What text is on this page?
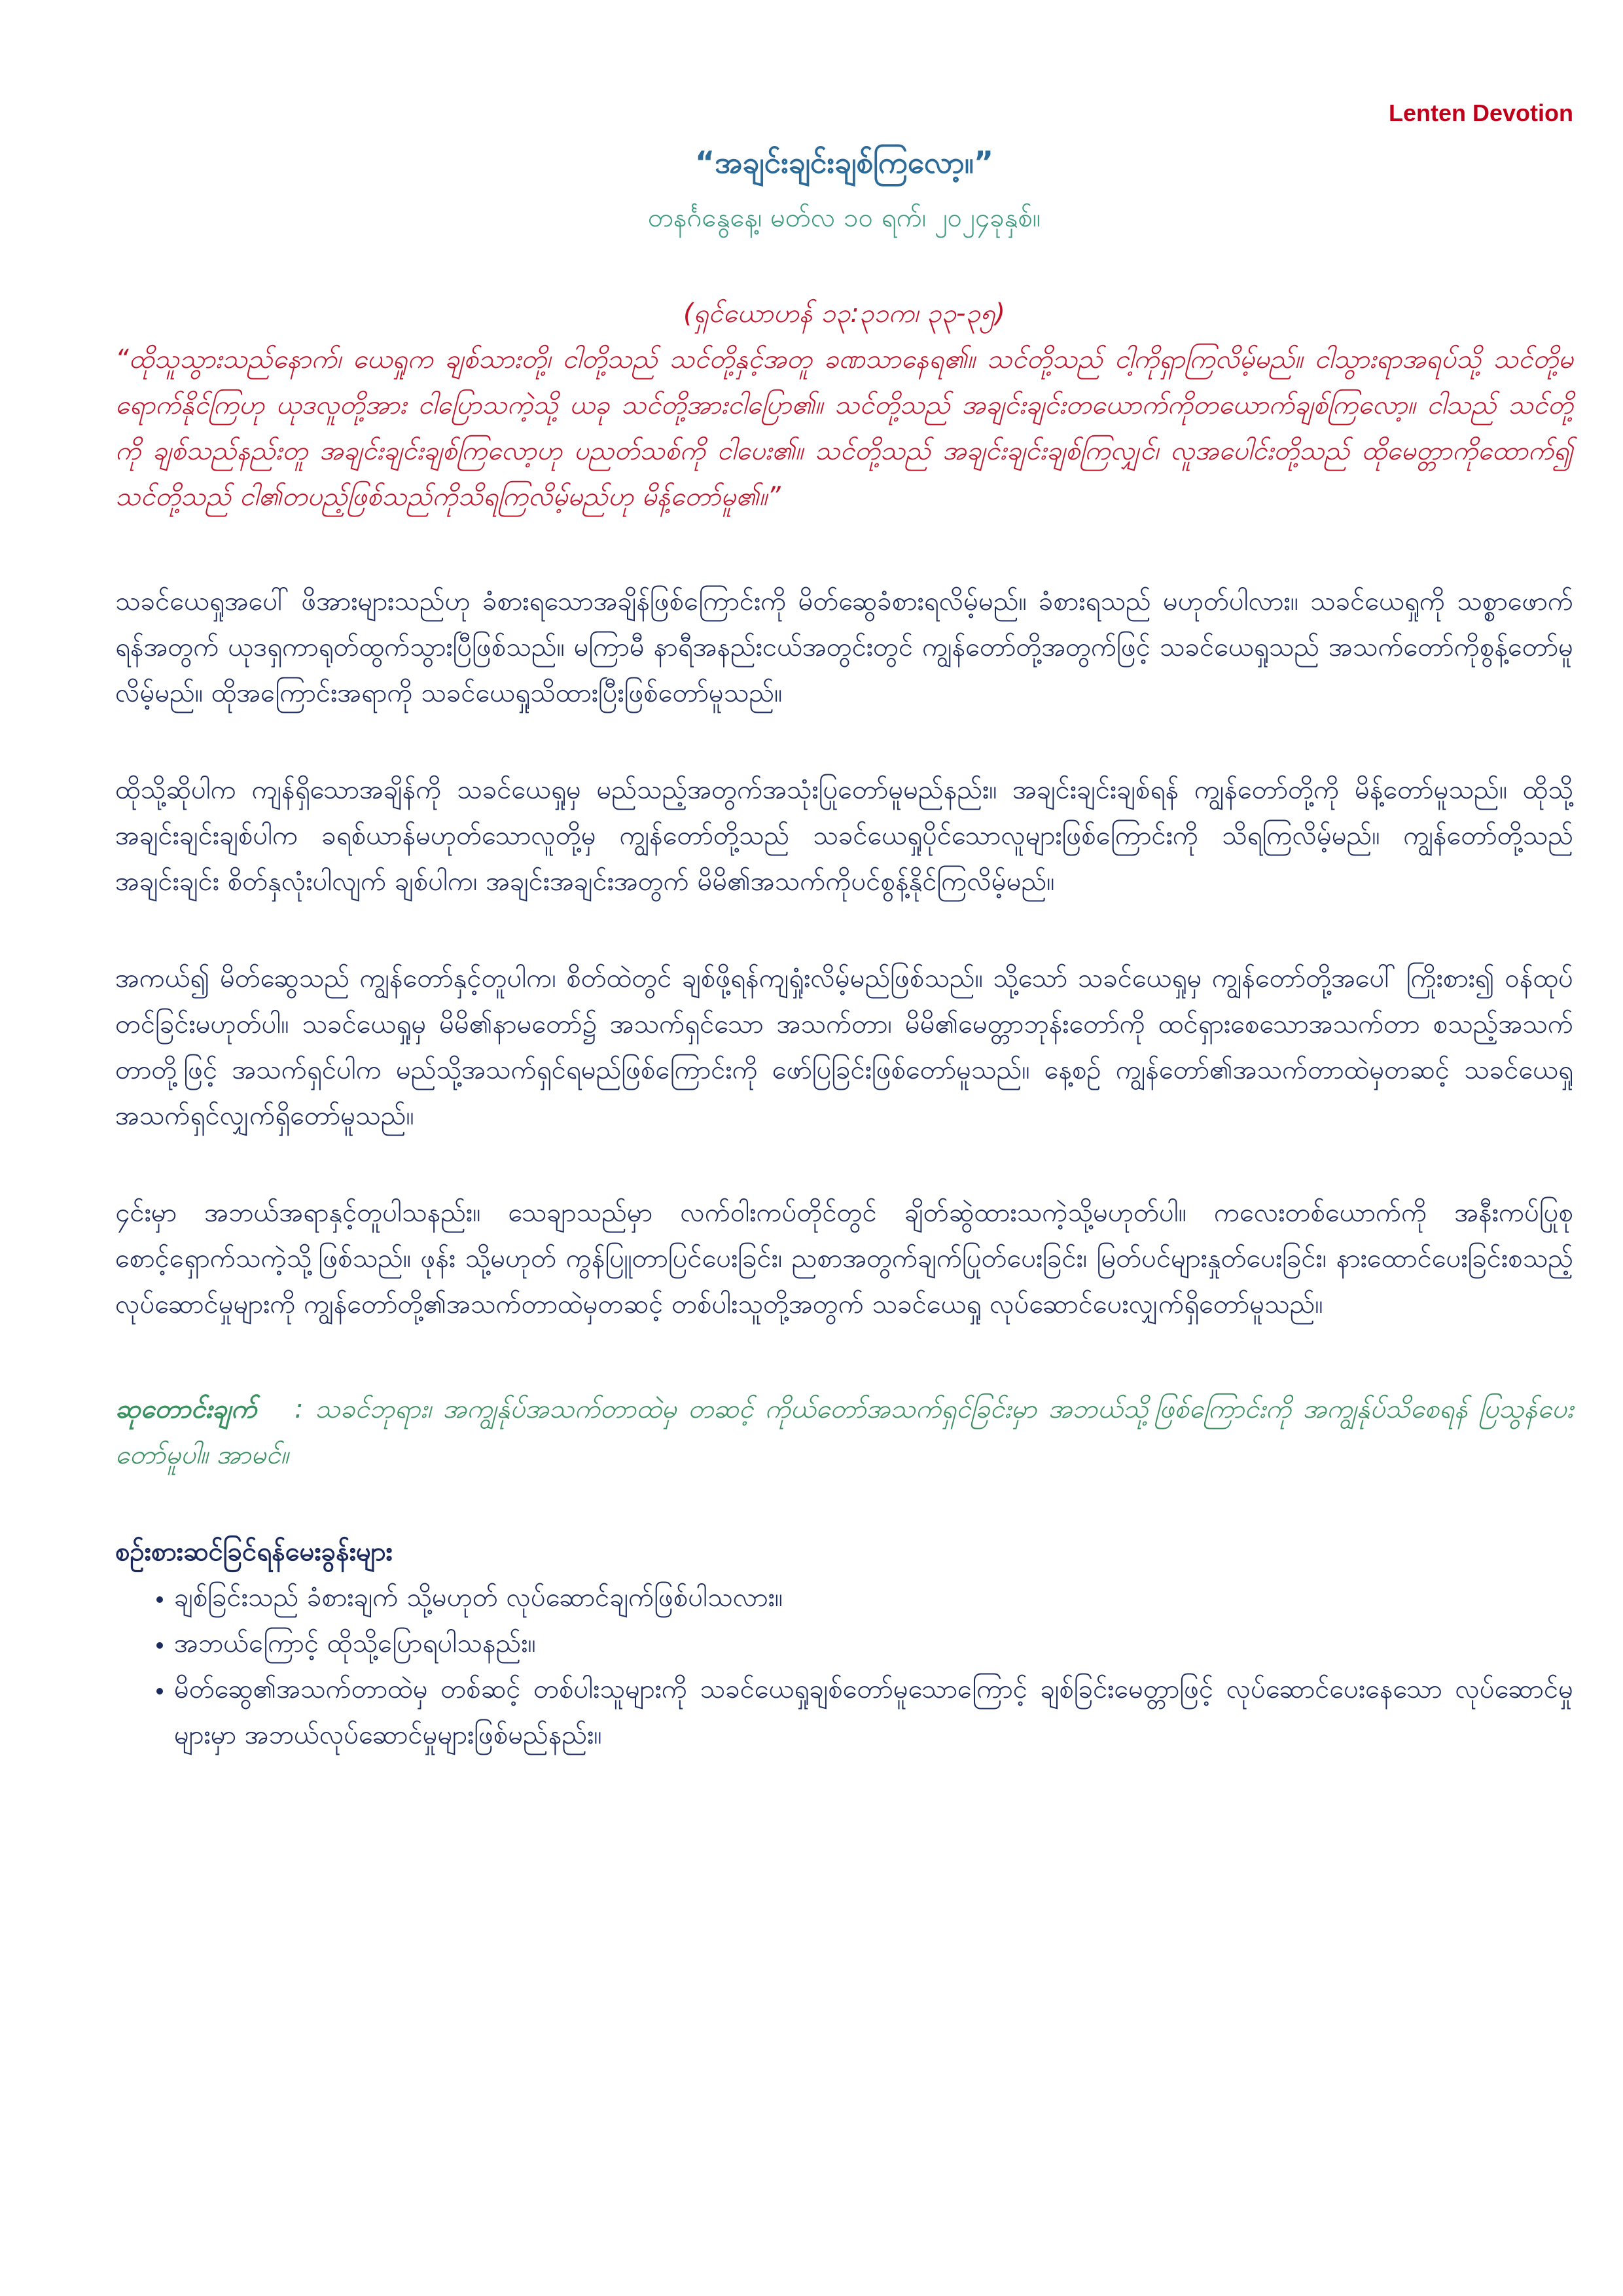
Lenten Devotion
“အချင်းချင်းချစ်ကြလော့။”
တနင်္ဂနွေနေ့၊ မတ်လ ၁၀ ရက်၊ ၂၀၂၄ခုနှစ်။
(ရှင်ယောဟန် ၁၃:၃၁က၊ ၃၃-၃၅)

“ထိုသူသွားသည်နောက်၊ ယေရှုက ချစ်သားတို့၊ ငါတို့သည် သင်တို့နှင့်အတူ ခဏသာနေရ၏။ သင်တို့သည် ငါ့ကိုရှာကြလိမ့်မည်။ ငါသွားရာအရပ်သို့ သင်တို့မရောက်နိုင်ကြဟု ယုဒလူတို့အား ငါပြောသကဲ့သို့ ယခု သင်တို့အားငါပြော၏။ သင်တို့သည် အချင်းချင်းတယောက်ကိုတယောက်ချစ်ကြလော့။ ငါသည် သင်တို့ကို ချစ်သည်နည်းတူ အချင်းချင်းချစ်ကြလော့ဟု ပညတ်သစ်ကို ငါပေး၏။ သင်တို့သည် အချင်းချင်းချစ်ကြလျှင်၊ လူအပေါင်းတို့သည် ထိုမေတ္တာကိုထောက်၍ သင်တို့သည် ငါ၏တပည့်ဖြစ်သည်ကိုသိရကြလိမ့်မည်ဟု မိန့်တော်မူ၏။”

သခင်ယေရှုအပေါ် ဖိအားများသည်ဟု ခံစားရသောအချိန်ဖြစ်ကြောင်းကို မိတ်ဆွေခံစားရလိမ့်မည်။ ခံစားရသည် မဟုတ်ပါလား။ သခင်ယေရှုကို သစ္စာဖောက်ရန်အတွက် ယုဒရှကာရုတ်ထွက်သွားပြီဖြစ်သည်။ မကြာမီ နာရီအနည်းငယ်အတွင်းတွင် ကျွန်တော်တို့အတွက်ဖြင့် သခင်ယေရှုသည် အသက်တော်ကိုစွန့်တော်မူလိမ့်မည်။ ထိုအကြောင်းအရာကို သခင်ယေရှုသိထားပြီးဖြစ်တော်မူသည်။

ထိုသို့ဆိုပါက ကျန်ရှိသောအချိန်ကို သခင်ယေရှုမှ မည်သည့်အတွက်အသုံးပြုတော်မူမည်နည်း။ အချင်းချင်းချစ်ရန် ကျွန်တော်တို့ကို မိန့်တော်မူသည်။ ထိုသို့အချင်းချင်းချစ်ပါက ခရစ်ယာန်မဟုတ်သောလူတို့မှ ကျွန်တော်တို့သည် သခင်ယေရှုပိုင်သောလူများဖြစ်ကြောင်းကို သိရကြလိမ့်မည်။ ကျွန်တော်တို့သည် အချင်းချင်း စိတ်နှလုံးပါလျက် ချစ်ပါက၊ အချင်းအချင်းအတွက် မိမိ၏အသက်ကိုပင်စွန့်နိုင်ကြလိမ့်မည်။

အကယ်၍ မိတ်ဆွေသည် ကျွန်တော်နှင့်တူပါက၊ စိတ်ထဲတွင် ချစ်ဖို့ရန်ကျရှုံးလိမ့်မည်ဖြစ်သည်။ သို့သော် သခင်ယေရှုမှ ကျွန်တော်တို့အပေါ် ကြိုးစား၍ ဝန်ထုပ်တင်ခြင်းမဟုတ်ပါ။ သခင်ယေရှုမှ မိမိ၏နာမတော်၌ အသက်ရှင်သော အသက်တာ၊ မိမိ၏မေတ္တာဘုန်းတော်ကို ထင်ရှားစေသောအသက်တာ စသည့်အသက်တာတို့ဖြင့် အသက်ရှင်ပါက မည်သို့အသက်ရှင်ရမည်ဖြစ်ကြောင်းကို ဖော်ပြခြင်းဖြစ်တော်မူသည်။ နေ့စဉ် ကျွန်တော်၏အသက်တာထဲမှတဆင့် သခင်ယေရှုအသက်ရှင်လျှက်ရှိတော်မူသည်။

၄င်းမှာ အဘယ်အရာနှင့်တူပါသနည်း။ သေချာသည်မှာ လက်ဝါးကပ်တိုင်တွင် ချိတ်ဆွဲထားသကဲ့သို့မဟုတ်ပါ။ ကလေးတစ်ယောက်ကို အနီးကပ်ပြုစုစောင့်ရှောက်သကဲ့သို့ဖြစ်သည်။ ဖုန်း သို့မဟုတ် ကွန်ပြူတာပြင်ပေးခြင်း၊ ညစာအတွက်ချက်ပြုတ်ပေးခြင်း၊ မြတ်ပင်များနှုတ်ပေးခြင်း၊ နားထောင်ပေးခြင်းစသည့်လုပ်ဆောင်မှုများကို ကျွန်တော်တို့၏အသက်တာထဲမှတဆင့် တစ်ပါးသူတို့အတွက် သခင်ယေရှု လုပ်ဆောင်ပေးလျှက်ရှိတော်မူသည်။

ဆုတောင်းချက် : သခင်ဘုရား၊ အကျွန်ုပ်အသက်တာထဲမှ တဆင့် ကိုယ်တော်အသက်ရှင်ခြင်းမှာ အဘယ်သို့ဖြစ်ကြောင်းကို အကျွန်ုပ်သိစေရန် ပြသွန်ပေးတော်မူပါ။ အာမင်။

စဉ်းစားဆင်ခြင်ရန်မေးခွန်းများ
• ချစ်ခြင်းသည် ခံစားချက် သို့မဟုတ် လုပ်ဆောင်ချက်ဖြစ်ပါသလား။
• အဘယ်ကြောင့် ထိုသို့ပြောရပါသနည်း။
• မိတ်ဆွေ၏အသက်တာထဲမှ တစ်ဆင့် တစ်ပါးသူများကို သခင်ယေရှုချစ်တော်မူသောကြောင့် ချစ်ခြင်းမေတ္တာဖြင့် လုပ်ဆောင်ပေးနေသော လုပ်ဆောင်မှုများမှာ အဘယ်လုပ်ဆောင်မှုများဖြစ်မည်နည်း။
